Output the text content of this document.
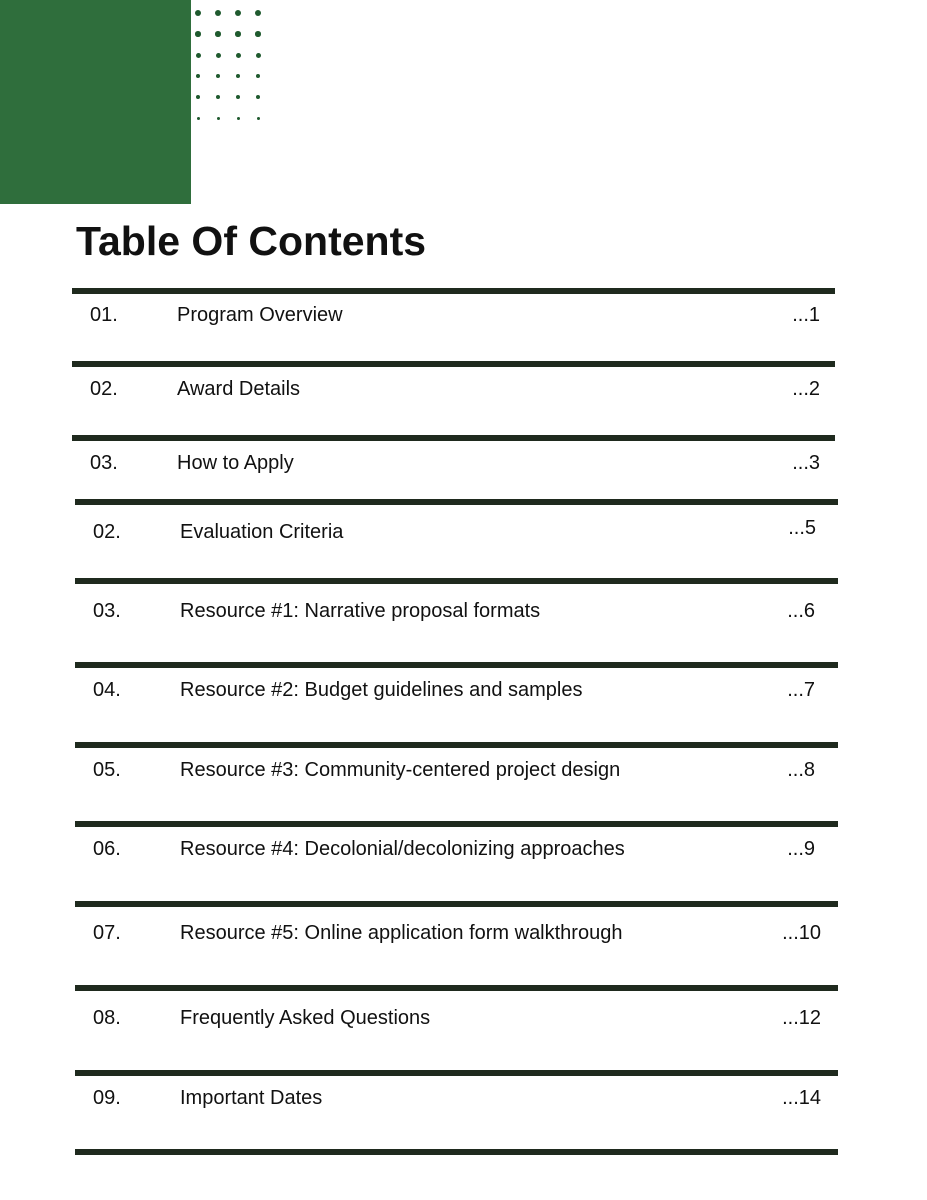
Table Of Contents
01.	Program Overview	...1
02.	Award Details	...2
03.	How to Apply	...3
02.	Evaluation Criteria	...5
03.	Resource #1: Narrative proposal formats	...6
04.	Resource #2: Budget guidelines and samples	...7
05.	Resource #3: Community-centered project design	...8
06.	Resource #4: Decolonial/decolonizing approaches	...9
07.	Resource #5: Online application form walkthrough	...10
08.	Frequently Asked Questions	...12
09.	Important Dates	...14
